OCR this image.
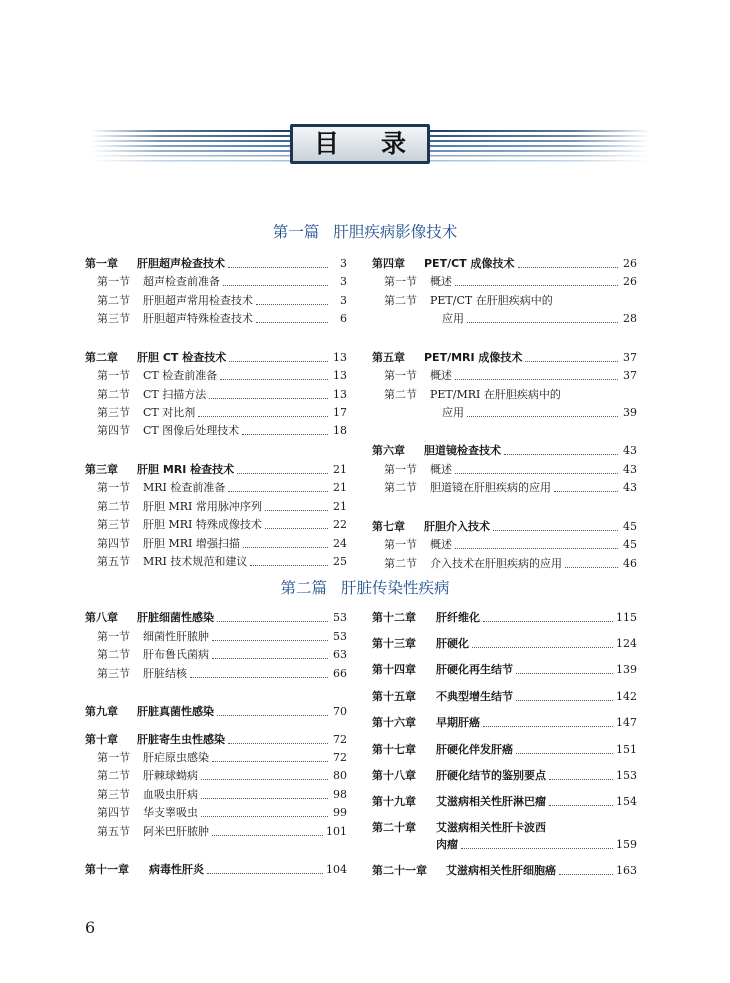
目 录
第一篇 肝胆疾病影像技术
第一章	肝胆超声检查技术	3
第一节	超声检查前准备	3
第二节	肝胆超声常用检查技术	3
第三节	肝胆超声特殊检查技术	6
第二章	肝胆 CT 检查技术	13
第一节	CT 检查前准备	13
第二节	CT 扫描方法	13
第三节	CT 对比剂	17
第四节	CT 图像后处理技术	18
第三章	肝胆 MRI 检查技术	21
第一节	MRI 检查前准备	21
第二节	肝胆 MRI 常用脉冲序列	21
第三节	肝胆 MRI 特殊成像技术	22
第四节	肝胆 MRI 增强扫描	24
第五节	MRI 技术规范和建议	25
第四章	PET/CT 成像技术	26
第一节	概述	26
第二节	PET/CT 在肝胆疾病中的
应用	28
第五章	PET/MRI 成像技术	37
第一节	概述	37
第二节	PET/MRI 在肝胆疾病中的
应用	39
第六章	胆道镜检查技术	43
第一节	概述	43
第二节	胆道镜在肝胆疾病的应用	43
第七章	肝胆介入技术	45
第一节	概述	45
第二节	介入技术在肝胆疾病的应用	46
第二篇 肝脏传染性疾病
第八章	肝脏细菌性感染	53
第一节	细菌性肝脓肿	53
第二节	肝布鲁氏菌病	63
第三节	肝脏结核	66
第九章	肝脏真菌性感染	70
第十章	肝脏寄生虫性感染	72
第一节	肝疟原虫感染	72
第二节	肝棘球蚴病	80
第三节	血吸虫肝病	98
第四节	华支睾吸虫	99
第五节	阿米巴肝脓肿	101
第十一章	病毒性肝炎	104
第十二章	肝纤维化	115
第十三章	肝硬化	124
第十四章	肝硬化再生结节	139
第十五章	不典型增生结节	142
第十六章	早期肝癌	147
第十七章	肝硬化伴发肝癌	151
第十八章	肝硬化结节的鉴别要点	153
第十九章	艾滋病相关性肝淋巴瘤	154
第二十章	艾滋病相关性肝卡波西
肉瘤	159
第二十一章	艾滋病相关性肝细胞癌	163
6
